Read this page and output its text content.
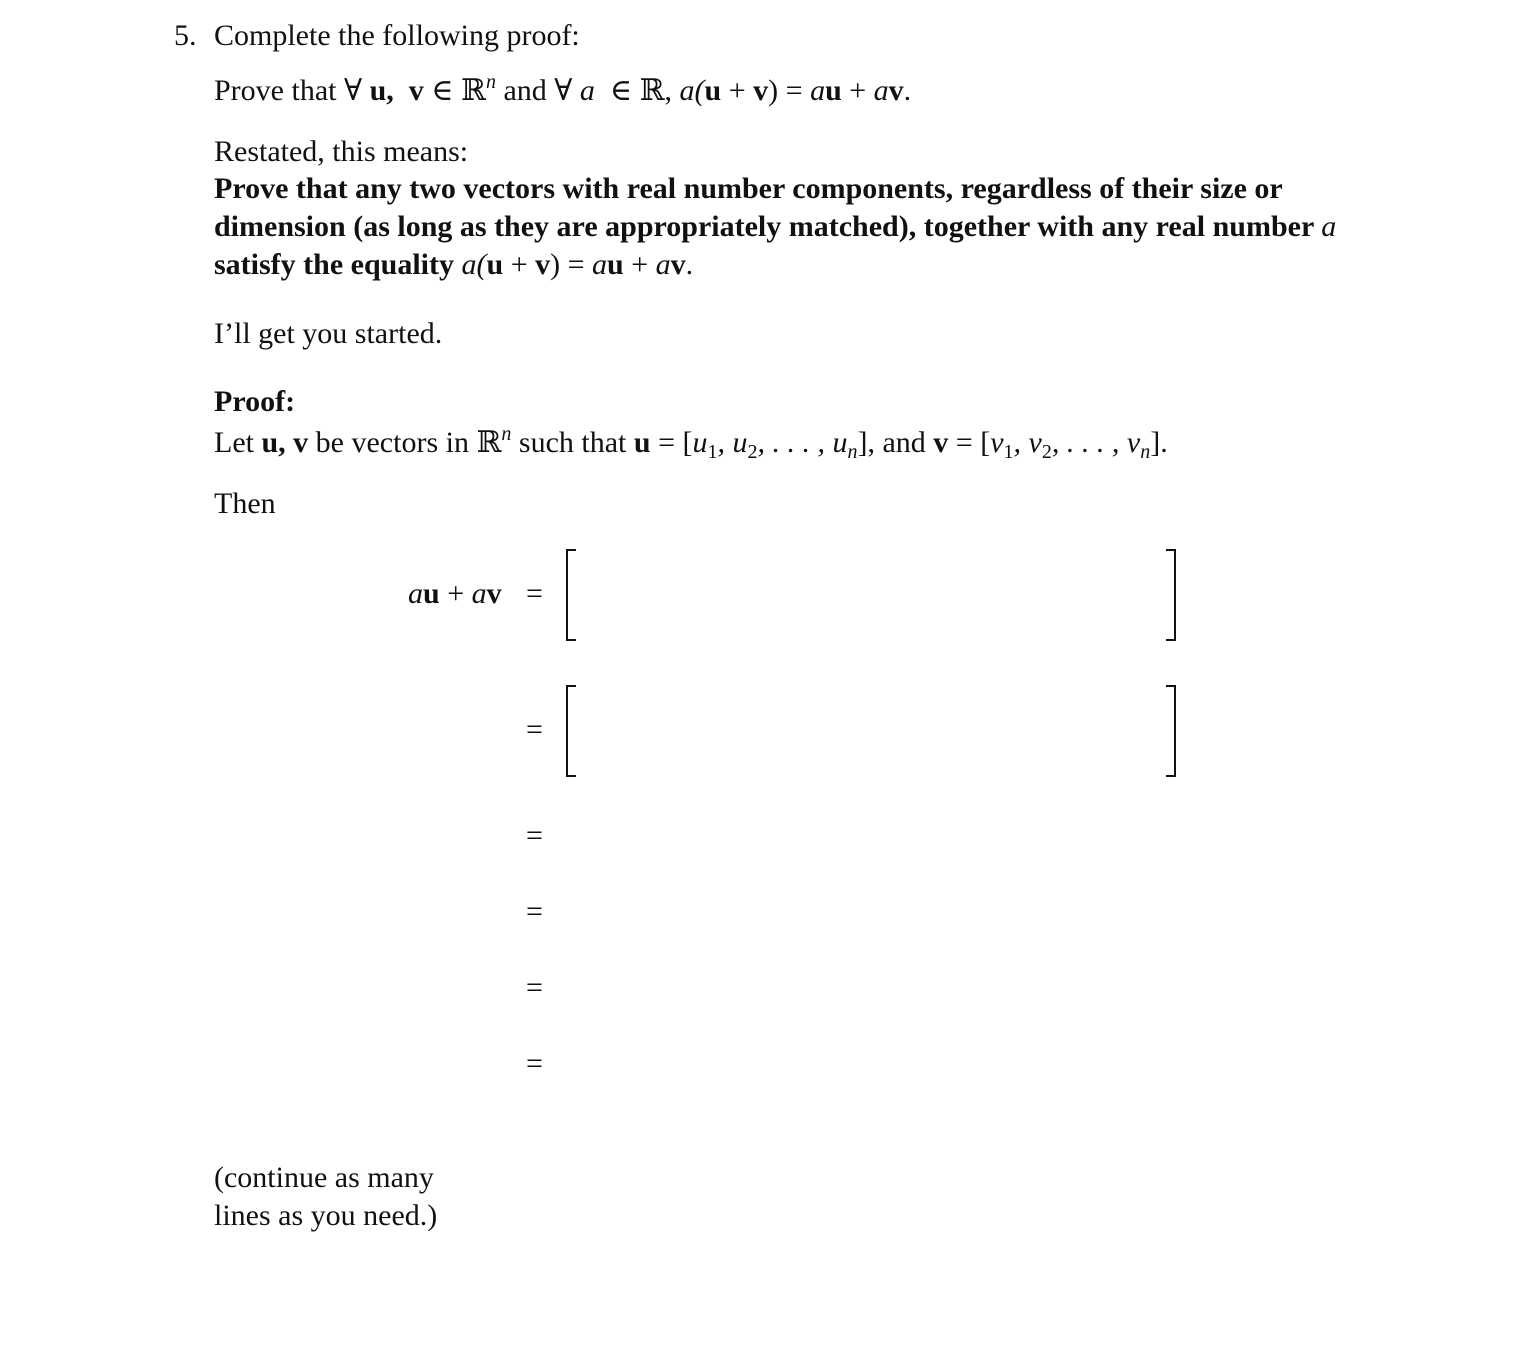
5. Complete the following proof:
Prove that ∀ u, v ∈ ℝ$^n$ and ∀ a ∈ ℝ, a(u + v) = au + av.
Restated, this means:
Prove that any two vectors with real number components, regardless of their size or dimension (as long as they are appropriately matched), together with any real number a satisfy the equality a(u + v) = au + av.
I’ll get you started.
Proof:
Let u, v be vectors in ℝ$^n$ such that $u = [u_1$, $u_2$, . . . , $u_n$], and $v = [v_1$, $v_2$, . . . , $v_n$].
Then
au + av =
=
=
=
=
=
(continue as many
lines as you need.)
